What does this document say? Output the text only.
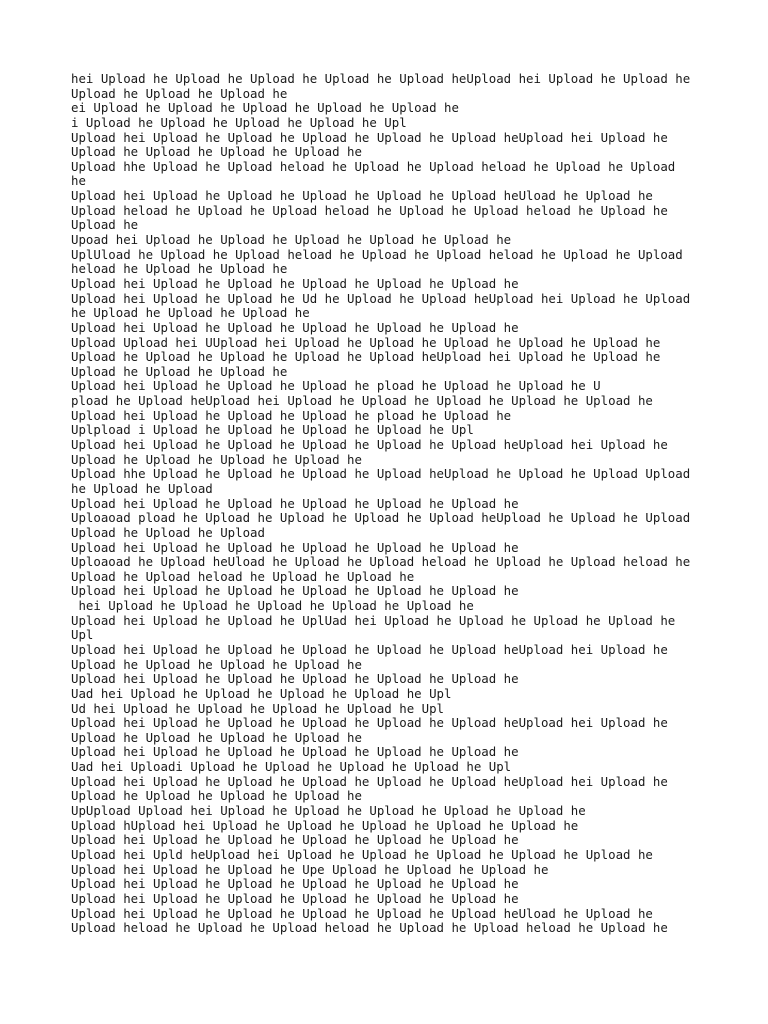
hei Upload he Upload he Upload he Upload he Upload heUpload hei Upload he Upload he
Upload he Upload he Upload he
ei Upload he Upload he Upload he Upload he Upload he
i Upload he Upload he Upload he Upload he Upl
Upload hei Upload he Upload he Upload he Upload he Upload heUpload hei Upload he
Upload he Upload he Upload he Upload he
Upload hhe Upload he Upload heload he Upload he Upload heload he Upload he Upload
he
Upload hei Upload he Upload he Upload he Upload he Upload heUload he Upload he
Upload heload he Upload he Upload heload he Upload he Upload heload he Upload he
Upload he
Upoad hei Upload he Upload he Upload he Upload he Upload he
UplUload he Upload he Upload heload he Upload he Upload heload he Upload he Upload
heload he Upload he Upload he
Upload hei Upload he Upload he Upload he Upload he Upload he
Upload hei Upload he Upload he Ud he Upload he Upload heUpload hei Upload he Upload
he Upload he Upload he Upload he
Upload hei Upload he Upload he Upload he Upload he Upload he
Upload Upload hei UUpload hei Upload he Upload he Upload he Upload he Upload he
Upload he Upload he Upload he Upload he Upload heUpload hei Upload he Upload he
Upload he Upload he Upload he
Upload hei Upload he Upload he Upload he pload he Upload he Upload he U
pload he Upload heUpload hei Upload he Upload he Upload he Upload he Upload he
Upload hei Upload he Upload he Upload he pload he Upload he
Uplpload i Upload he Upload he Upload he Upload he Upl
Upload hei Upload he Upload he Upload he Upload he Upload heUpload hei Upload he
Upload he Upload he Upload he Upload he
Upload hhe Upload he Upload he Upload he Upload heUpload he Upload he Upload Upload
he Upload he Upload
Upload hei Upload he Upload he Upload he Upload he Upload he
Uploaoad pload he Upload he Upload he Upload he Upload heUpload he Upload he Upload
Upload he Upload he Upload
Upload hei Upload he Upload he Upload he Upload he Upload he
Uploaoad he Upload heUload he Upload he Upload heload he Upload he Upload heload he
Upload he Upload heload he Upload he Upload he
Upload hei Upload he Upload he Upload he Upload he Upload he
hei Upload he Upload he Upload he Upload he Upload he
Upload hei Upload he Upload he UplUad hei Upload he Upload he Upload he Upload he
Upl
Upload hei Upload he Upload he Upload he Upload he Upload heUpload hei Upload he
Upload he Upload he Upload he Upload he
Upload hei Upload he Upload he Upload he Upload he Upload he
Uad hei Upload he Upload he Upload he Upload he Upl
Ud hei Upload he Upload he Upload he Upload he Upl
Upload hei Upload he Upload he Upload he Upload he Upload heUpload hei Upload he
Upload he Upload he Upload he Upload he
Upload hei Upload he Upload he Upload he Upload he Upload he
Uad hei Uploadi Upload he Upload he Upload he Upload he Upl
Upload hei Upload he Upload he Upload he Upload he Upload heUpload hei Upload he
Upload he Upload he Upload he Upload he
UpUpload Upload hei Upload he Upload he Upload he Upload he Upload he
Upload hUpload hei Upload he Upload he Upload he Upload he Upload he
Upload hei Upload he Upload he Upload he Upload he Upload he
Upload hei Upld heUpload hei Upload he Upload he Upload he Upload he Upload he
Upload hei Upload he Upload he Upe Upload he Upload he Upload he
Upload hei Upload he Upload he Upload he Upload he Upload he
Upload hei Upload he Upload he Upload he Upload he Upload he
Upload hei Upload he Upload he Upload he Upload he Upload heUload he Upload he
Upload heload he Upload he Upload heload he Upload he Upload heload he Upload he
